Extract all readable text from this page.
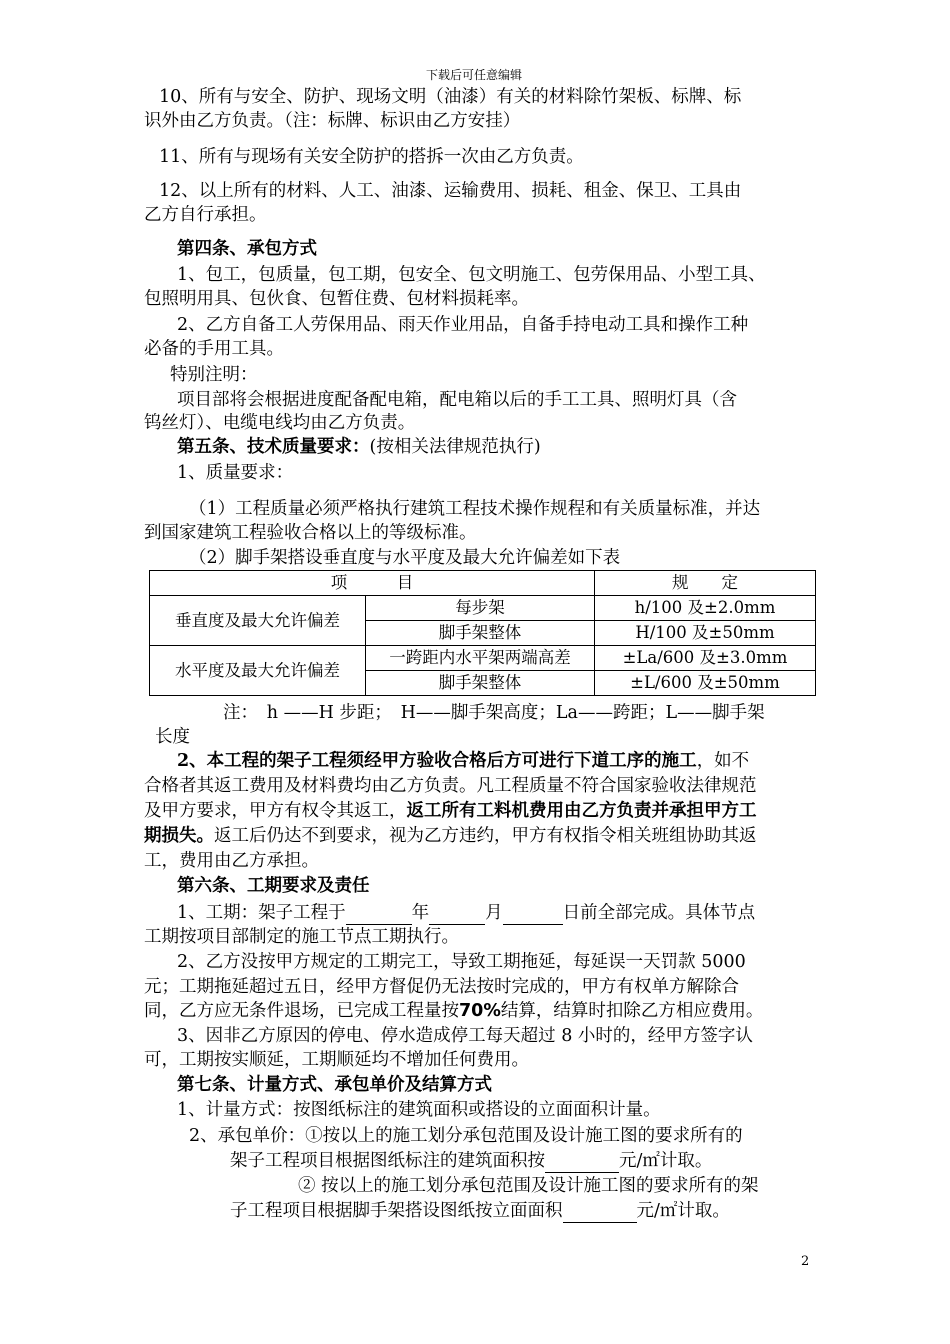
下载后可任意编辑
10、所有与安全、防护、现场文明（油漆）有关的材料除竹架板、标牌、标
识外由乙方负责。（注：标牌、标识由乙方安挂）
11、所有与现场有关安全防护的搭拆一次由乙方负责。
12、以上所有的材料、人工、油漆、运输费用、损耗、租金、保卫、工具由
乙方自行承担。
第四条、承包方式
1、包工，包质量，包工期，包安全、包文明施工、包劳保用品、小型工具、
包照明用具、包伙食、包暂住费、包材料损耗率。
2、乙方自备工人劳保用品、雨天作业用品，自备手持电动工具和操作工种
必备的手用工具。
特别注明：
项目部将会根据进度配备配电箱，配电箱以后的手工工具、照明灯具（含
钨丝灯）、电缆电线均由乙方负责。
第五条、技术质量要求：(按相关法律规范执行)
1、质量要求：
（1）工程质量必须严格执行建筑工程技术操作规程和有关质量标准，并达
到国家建筑工程验收合格以上的等级标准。
（2）脚手架搭设垂直度与水平度及最大允许偏差如下表
项　　　目		规　　定
垂直度及最大允许偏差	每步架	h/100 及±2.0mm
	脚手架整体	H/100 及±50mm
水平度及最大允许偏差	一跨距内水平架两端高差	±La/600 及±3.0mm
	脚手架整体	±L/600 及±50mm
注：　h ——H 步距；　H——脚手架高度；La——跨距；L——脚手架
长度
2、本工程的架子工程须经甲方验收合格后方可进行下道工序的施工，如不
合格者其返工费用及材料费均由乙方负责。凡工程质量不符合国家验收法律规范
及甲方要求，甲方有权令其返工，返工所有工料机费用由乙方负责并承担甲方工
期损失。返工后仍达不到要求，视为乙方违约，甲方有权指令相关班组协助其返
工，费用由乙方承担。
第六条、工期要求及责任
1、工期：架子工程于	年	月	日前全部完成。具体节点
工期按项目部制定的施工节点工期执行。
2、乙方没按甲方规定的工期完工，导致工期拖延，每延误一天罚款 5000
元；工期拖延超过五日，经甲方督促仍无法按时完成的，甲方有权单方解除合
同，乙方应无条件退场，已完成工程量按70%结算，结算时扣除乙方相应费用。
3、因非乙方原因的停电、停水造成停工每天超过 8 小时的，经甲方签字认
可，工期按实顺延，工期顺延均不增加任何费用。
第七条、计量方式、承包单价及结算方式
1、计量方式：按图纸标注的建筑面积或搭设的立面面积计量。
2、承包单价：①按以上的施工划分承包范围及设计施工图的要求所有的
架子工程项目根据图纸标注的建筑面积按	元/㎡计取。
② 按以上的施工划分承包范围及设计施工图的要求所有的架
子工程项目根据脚手架搭设图纸按立面面积	元/㎡计取。
2
